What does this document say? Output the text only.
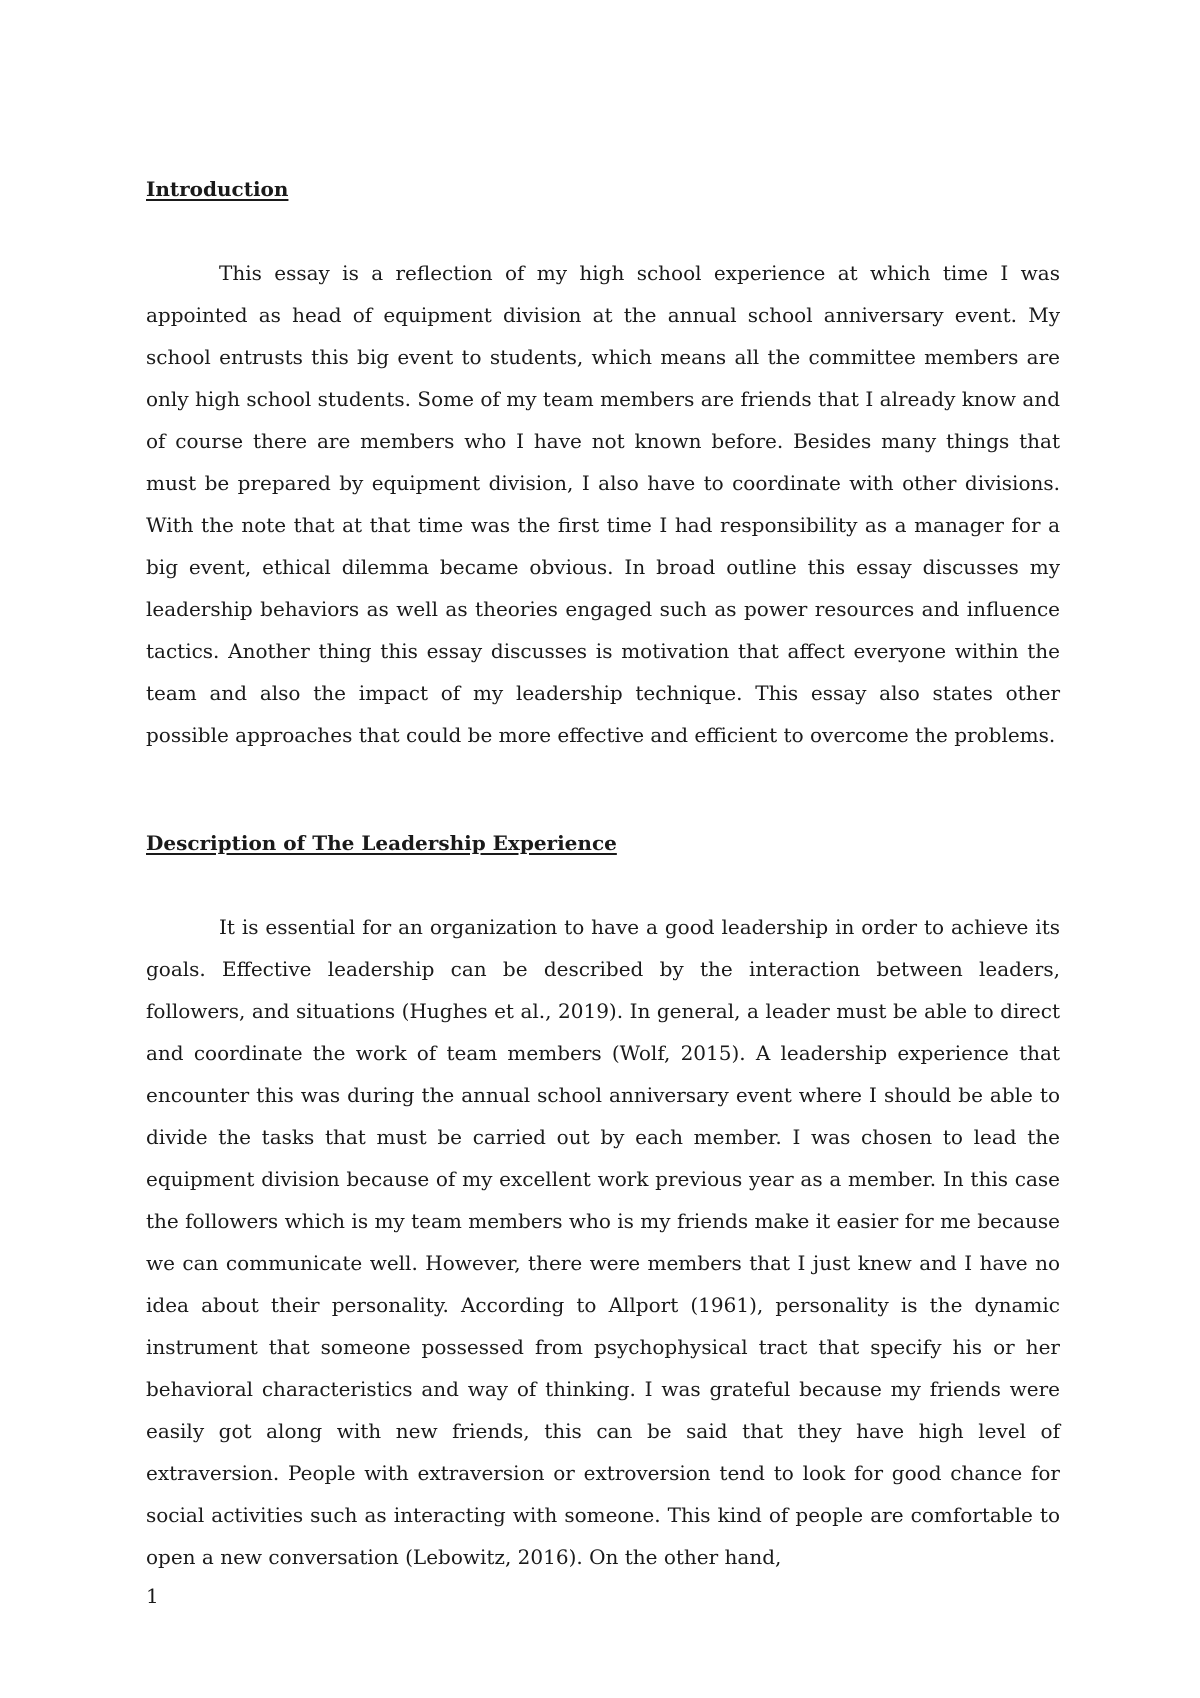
Introduction

This essay is a reflection of my high school experience at which time I was appointed as head of equipment division at the annual school anniversary event. My school entrusts this big event to students, which means all the committee members are only high school students. Some of my team members are friends that I already know and of course there are members who I have not known before. Besides many things that must be prepared by equipment division, I also have to coordinate with other divisions. With the note that at that time was the first time I had responsibility as a manager for a big event, ethical dilemma became obvious. In broad outline this essay discusses my leadership behaviors as well as theories engaged such as power resources and influence tactics. Another thing this essay discusses is motivation that affect everyone within the team and also the impact of my leadership technique. This essay also states other possible approaches that could be more effective and efficient to overcome the problems.

Description of The Leadership Experience

It is essential for an organization to have a good leadership in order to achieve its goals. Effective leadership can be described by the interaction between leaders, followers, and situations (Hughes et al., 2019). In general, a leader must be able to direct and coordinate the work of team members (Wolf, 2015). A leadership experience that encounter this was during the annual school anniversary event where I should be able to divide the tasks that must be carried out by each member. I was chosen to lead the equipment division because of my excellent work previous year as a member. In this case the followers which is my team members who is my friends make it easier for me because we can communicate well. However, there were members that I just knew and I have no idea about their personality. According to Allport (1961), personality is the dynamic instrument that someone possessed from psychophysical tract that specify his or her behavioral characteristics and way of thinking. I was grateful because my friends were easily got along with new friends, this can be said that they have high level of extraversion. People with extraversion or extroversion tend to look for good chance for social activities such as interacting with someone. This kind of people are comfortable to open a new conversation (Lebowitz, 2016). On the other hand,

1
